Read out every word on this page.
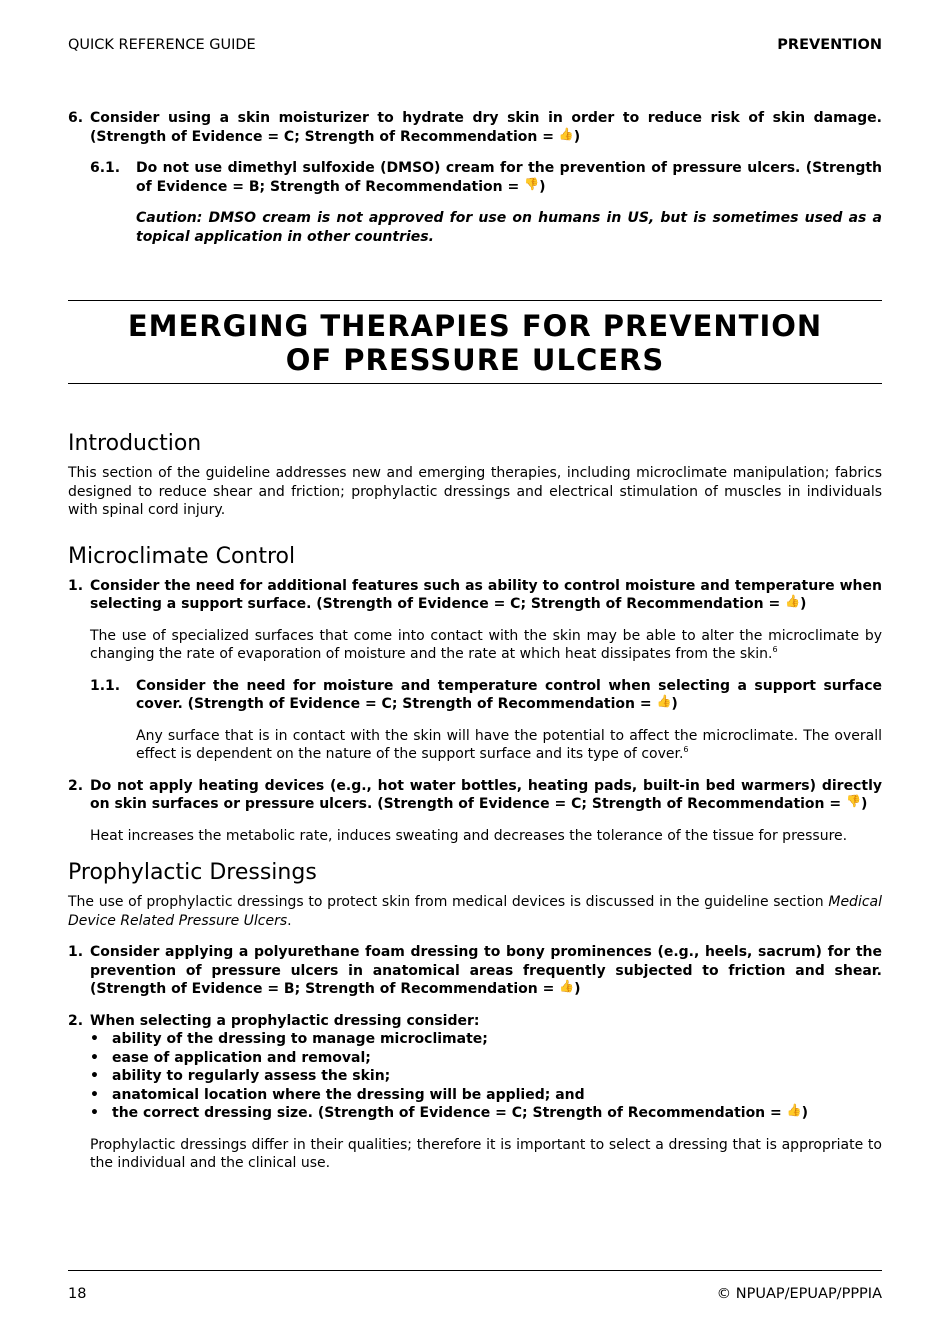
QUICK REFERENCE GUIDE	PREVENTION
6. Consider using a skin moisturizer to hydrate dry skin in order to reduce risk of skin damage. (Strength of Evidence = C; Strength of Recommendation = 👍)
6.1. Do not use dimethyl sulfoxide (DMSO) cream for the prevention of pressure ulcers. (Strength of Evidence = B; Strength of Recommendation = 👎)
Caution: DMSO cream is not approved for use on humans in US, but is sometimes used as a topical application in other countries.
EMERGING THERAPIES FOR PREVENTION
OF PRESSURE ULCERS
Introduction
This section of the guideline addresses new and emerging therapies, including microclimate manipulation; fabrics designed to reduce shear and friction; prophylactic dressings and electrical stimulation of muscles in individuals with spinal cord injury.
Microclimate Control
1. Consider the need for additional features such as ability to control moisture and temperature when selecting a support surface. (Strength of Evidence = C; Strength of Recommendation = 👍)
The use of specialized surfaces that come into contact with the skin may be able to alter the microclimate by changing the rate of evaporation of moisture and the rate at which heat dissipates from the skin.$^6$
1.1. Consider the need for moisture and temperature control when selecting a support surface cover. (Strength of Evidence = C; Strength of Recommendation = 👍)
Any surface that is in contact with the skin will have the potential to affect the microclimate. The overall effect is dependent on the nature of the support surface and its type of cover.$^6$
2. Do not apply heating devices (e.g., hot water bottles, heating pads, built-in bed warmers) directly on skin surfaces or pressure ulcers. (Strength of Evidence = C; Strength of Recommendation = 👎)
Heat increases the metabolic rate, induces sweating and decreases the tolerance of the tissue for pressure.
Prophylactic Dressings
The use of prophylactic dressings to protect skin from medical devices is discussed in the guideline section Medical Device Related Pressure Ulcers.
1. Consider applying a polyurethane foam dressing to bony prominences (e.g., heels, sacrum) for the prevention of pressure ulcers in anatomical areas frequently subjected to friction and shear. (Strength of Evidence = B; Strength of Recommendation = 👍)
2. When selecting a prophylactic dressing consider:
• ability of the dressing to manage microclimate;
• ease of application and removal;
• ability to regularly assess the skin;
• anatomical location where the dressing will be applied; and
• the correct dressing size. (Strength of Evidence = C; Strength of Recommendation = 👍)
Prophylactic dressings differ in their qualities; therefore it is important to select a dressing that is appropriate to the individual and the clinical use.
18	© NPUAP/EPUAP/PPPIA
